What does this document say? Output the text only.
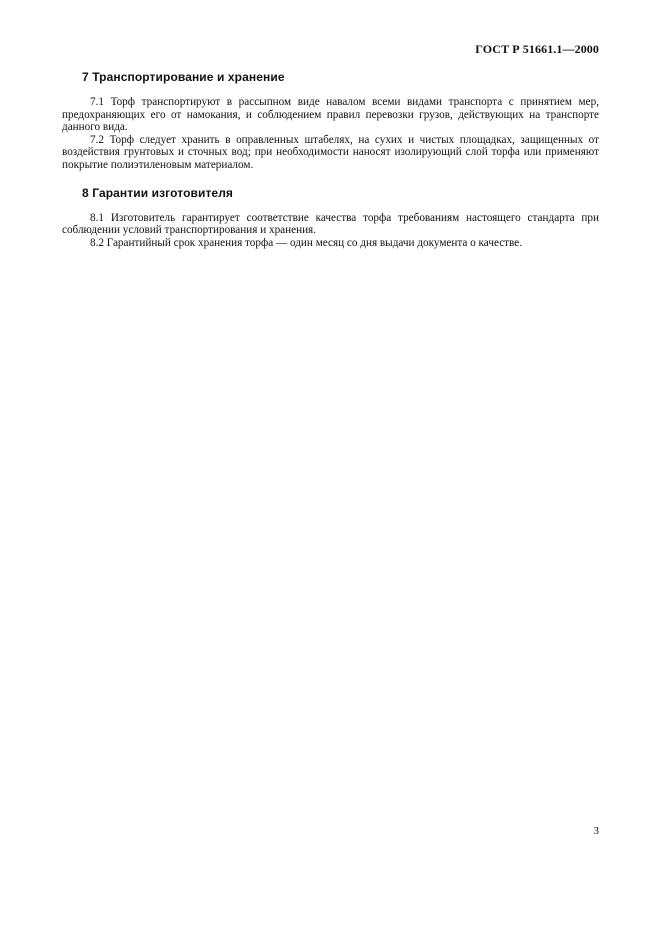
ГОСТ Р 51661.1—2000
7 Транспортирование и хранение

7.1 Торф транспортируют в рассыпном виде навалом всеми видами транспорта с принятием мер, предохраняющих его от намокания, и соблюдением правил перевозки грузов, действующих на транспорте данного вида.

7.2 Торф следует хранить в оправленных штабелях, на сухих и чистых площадках, защищенных от воздействия грунтовых и сточных вод; при необходимости наносят изолирующий слой торфа или применяют покрытие полиэтиленовым материалом.

8 Гарантии изготовителя

8.1 Изготовитель гарантирует соответствие качества торфа требованиям настоящего стандарта при соблюдении условий транспортирования и хранения.

8.2 Гарантийный срок хранения торфа — один месяц со дня выдачи документа о качестве.

3
